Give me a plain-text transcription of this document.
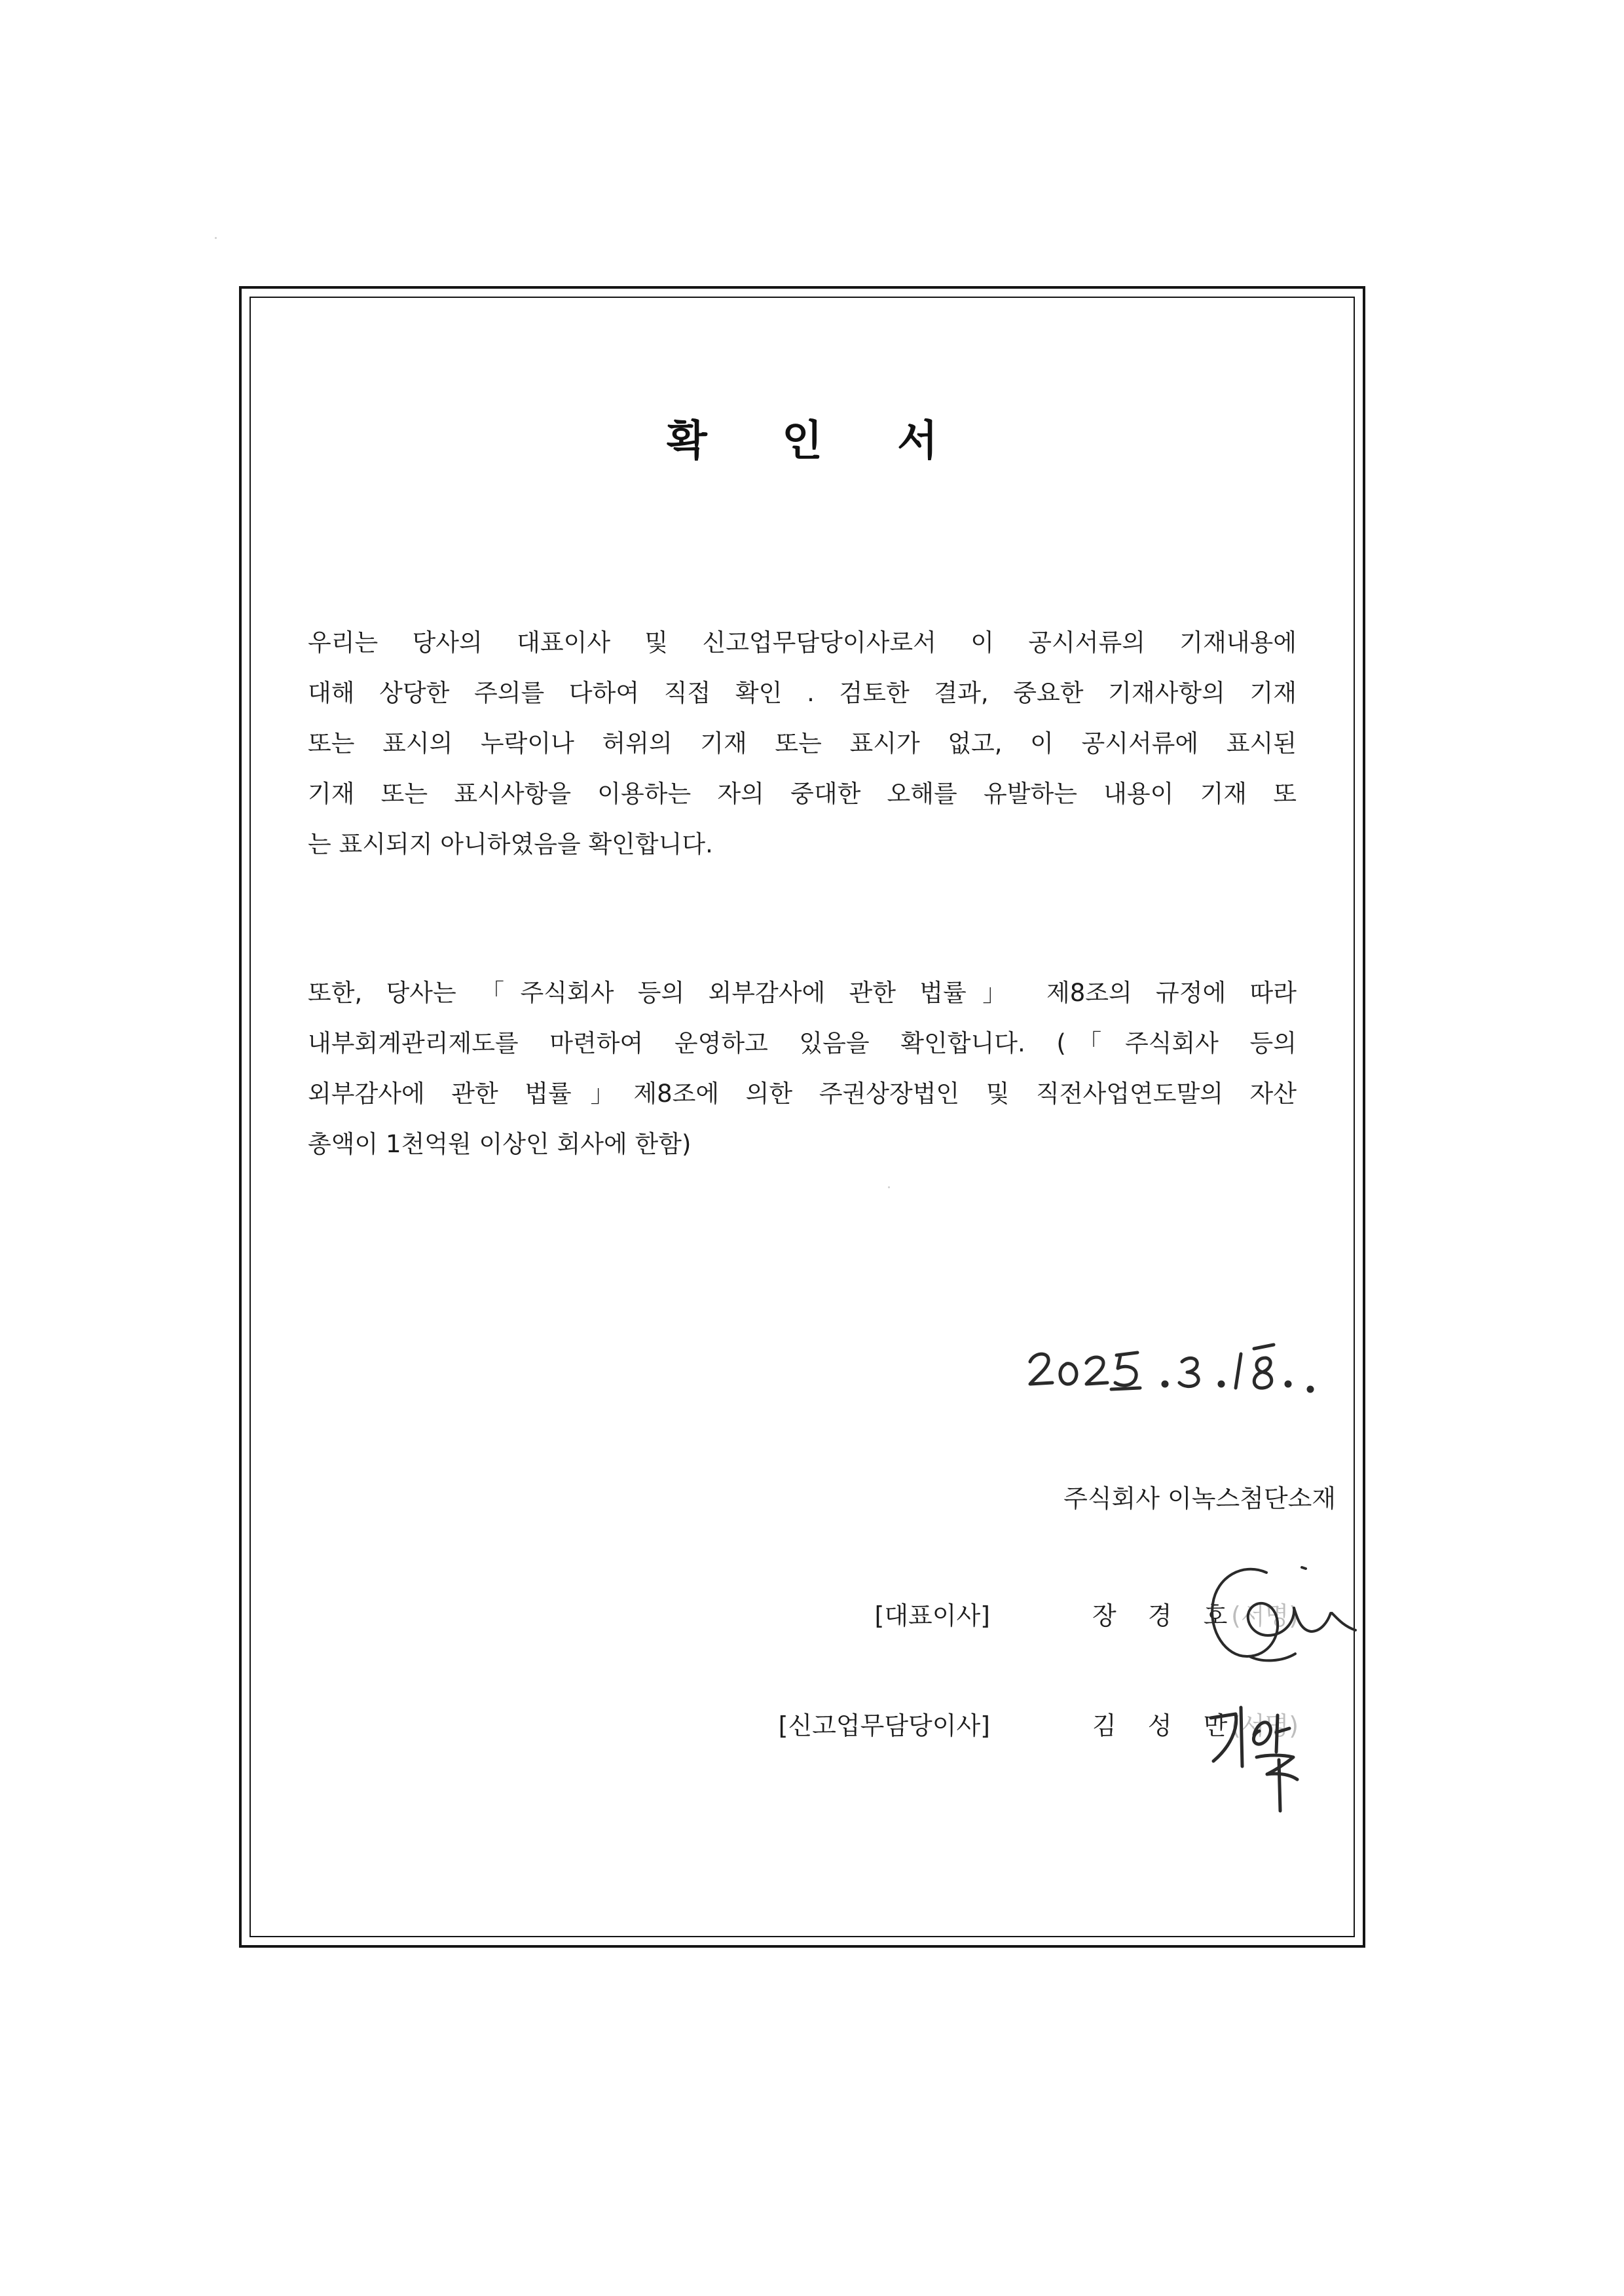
확 인 서
우리는 당사의 대표이사 및 신고업무담당이사로서 이 공시서류의 기재내용에
대해 상당한 주의를 다하여 직접 확인 . 검토한 결과, 중요한 기재사항의 기재
또는 표시의 누락이나 허위의 기재 또는 표시가 없고, 이 공시서류에 표시된
기재 또는 표시사항을 이용하는 자의 중대한 오해를 유발하는 내용이 기재 또
는 표시되지 아니하였음을 확인합니다.
또한, 당사는 「주식회사 등의 외부감사에 관한 법률」 제8조의 규정에 따라
내부회계관리제도를 마련하여 운영하고 있음을 확인합니다. (「주식회사 등의
외부감사에 관한 법률」제8조에 의한 주권상장법인 및 직전사업연도말의 자산
총액이 1천억원 이상인 회사에 한함)
주식회사 이녹스첨단소재
[대표이사]	장 경 호
(서명)
[신고업무담당이사]	김 성 만
(서명)
